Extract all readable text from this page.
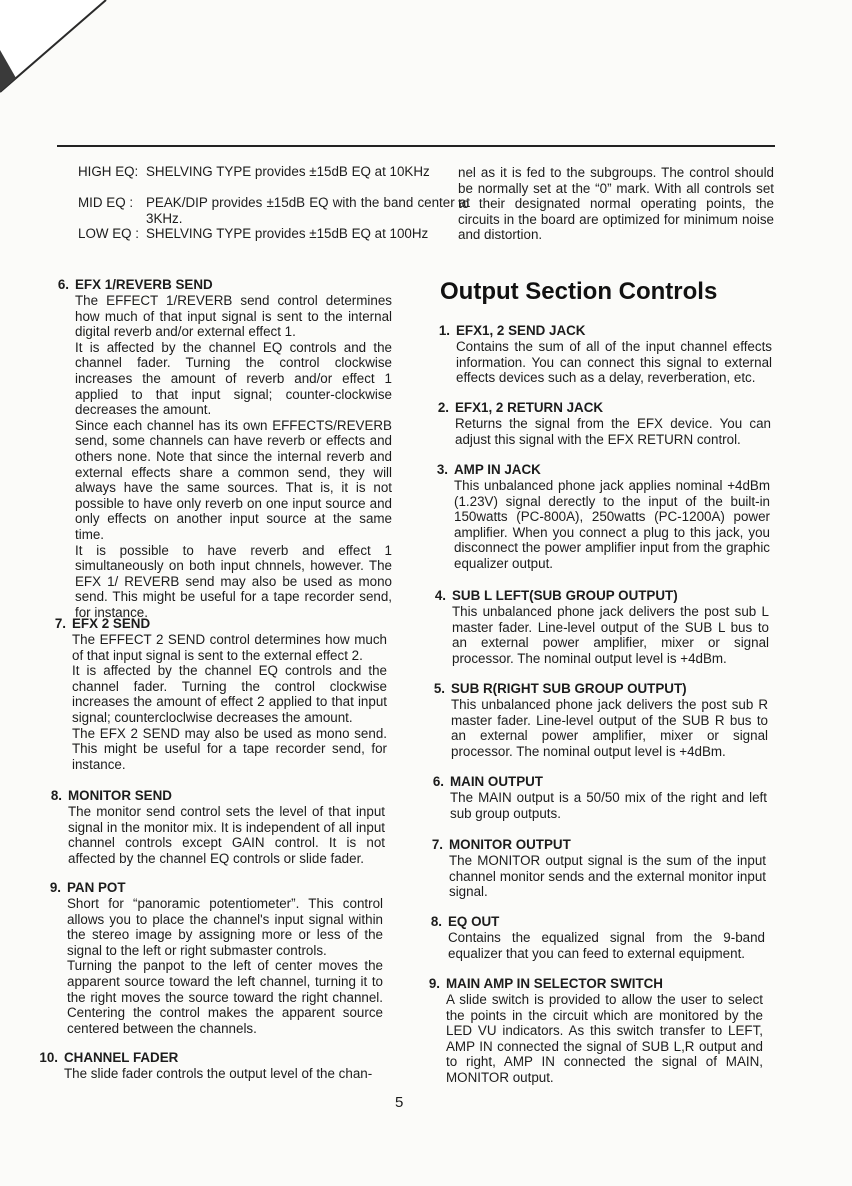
HIGH EQ: SHELVING TYPE provides ±15dB EQ at 10KHz
MID EQ : PEAK/DIP provides ±15dB EQ with the band center at 3KHz.
LOW EQ : SHELVING TYPE provides ±15dB EQ at 100Hz
6. EFX 1/REVERB SEND

The EFFECT 1/REVERB send control determines how much of that input signal is sent to the internal digital reverb and/or external effect 1.

It is affected by the channel EQ controls and the channel fader. Turning the control clockwise increases the amount of reverb and/or effect 1 applied to that input signal; counter-clockwise decreases the amount.

Since each channel has its own EFFECTS/REVERB send, some channels can have reverb or effects and others none. Note that since the internal reverb and external effects share a common send, they will always have the same sources. That is, it is not possible to have only reverb on one input source and only effects on another input source at the same time.

It is possible to have reverb and effect 1 simultaneously on both input chnnels, however. The EFX 1/ REVERB send may also be used as mono send. This might be useful for a tape recorder send, for instance.

7. EFX 2 SEND

The EFFECT 2 SEND control determines how much of that input signal is sent to the external effect 2.

It is affected by the channel EQ controls and the channel fader. Turning the control clockwise increases the amount of effect 2 applied to that input signal; countercloclwise decreases the amount.

The EFX 2 SEND may also be used as mono send. This might be useful for a tape recorder send, for instance.

8. MONITOR SEND

The monitor send control sets the level of that input signal in the monitor mix. It is independent of all input channel controls except GAIN control. It is not affected by the channel EQ controls or slide fader.

9. PAN POT

Short for “panoramic potentiometer”. This control allows you to place the channel's input signal within the stereo image by assigning more or less of the signal to the left or right submaster controls.

Turning the panpot to the left of center moves the apparent source toward the left channel, turning it to the right moves the source toward the right channel. Centering the control makes the apparent source centered between the channels.

10. CHANNEL FADER

The slide fader controls the output level of the chan-

nel as it is fed to the subgroups. The control should be normally set at the “0” mark. With all controls set to their designated normal operating points, the circuits in the board are optimized for minimum noise and distortion.
Output Section Controls
1. EFX1, 2 SEND JACK

Contains the sum of all of the input channel effects information. You can connect this signal to external effects devices such as a delay, reverberation, etc.

2. EFX1, 2 RETURN JACK

Returns the signal from the EFX device. You can adjust this signal with the EFX RETURN control.

3. AMP IN JACK

This unbalanced phone jack applies nominal +4dBm (1.23V) signal derectly to the input of the built-in 150watts (PC-800A), 250watts (PC-1200A) power amplifier. When you connect a plug to this jack, you disconnect the power amplifier input from the graphic equalizer output.

4. SUB L LEFT(SUB GROUP OUTPUT)

This unbalanced phone jack delivers the post sub L master fader. Line-level output of the SUB L bus to an external power amplifier, mixer or signal processor. The nominal output level is +4dBm.

5. SUB R(RIGHT SUB GROUP OUTPUT)

This unbalanced phone jack delivers the post sub R master fader. Line-level output of the SUB R bus to an external power amplifier, mixer or signal processor. The nominal output level is +4dBm.

6. MAIN OUTPUT

The MAIN output is a 50/50 mix of the right and left sub group outputs.

7. MONITOR OUTPUT

The MONITOR output signal is the sum of the input channel monitor sends and the external monitor input signal.

8. EQ OUT

Contains the equalized signal from the 9-band equalizer that you can feed to external equipment.

9. MAIN AMP IN SELECTOR SWITCH

A slide switch is provided to allow the user to select the points in the circuit which are monitored by the LED VU indicators. As this switch transfer to LEFT, AMP IN connected the signal of SUB L,R output and to right, AMP IN connected the signal of MAIN, MONITOR output.

5
